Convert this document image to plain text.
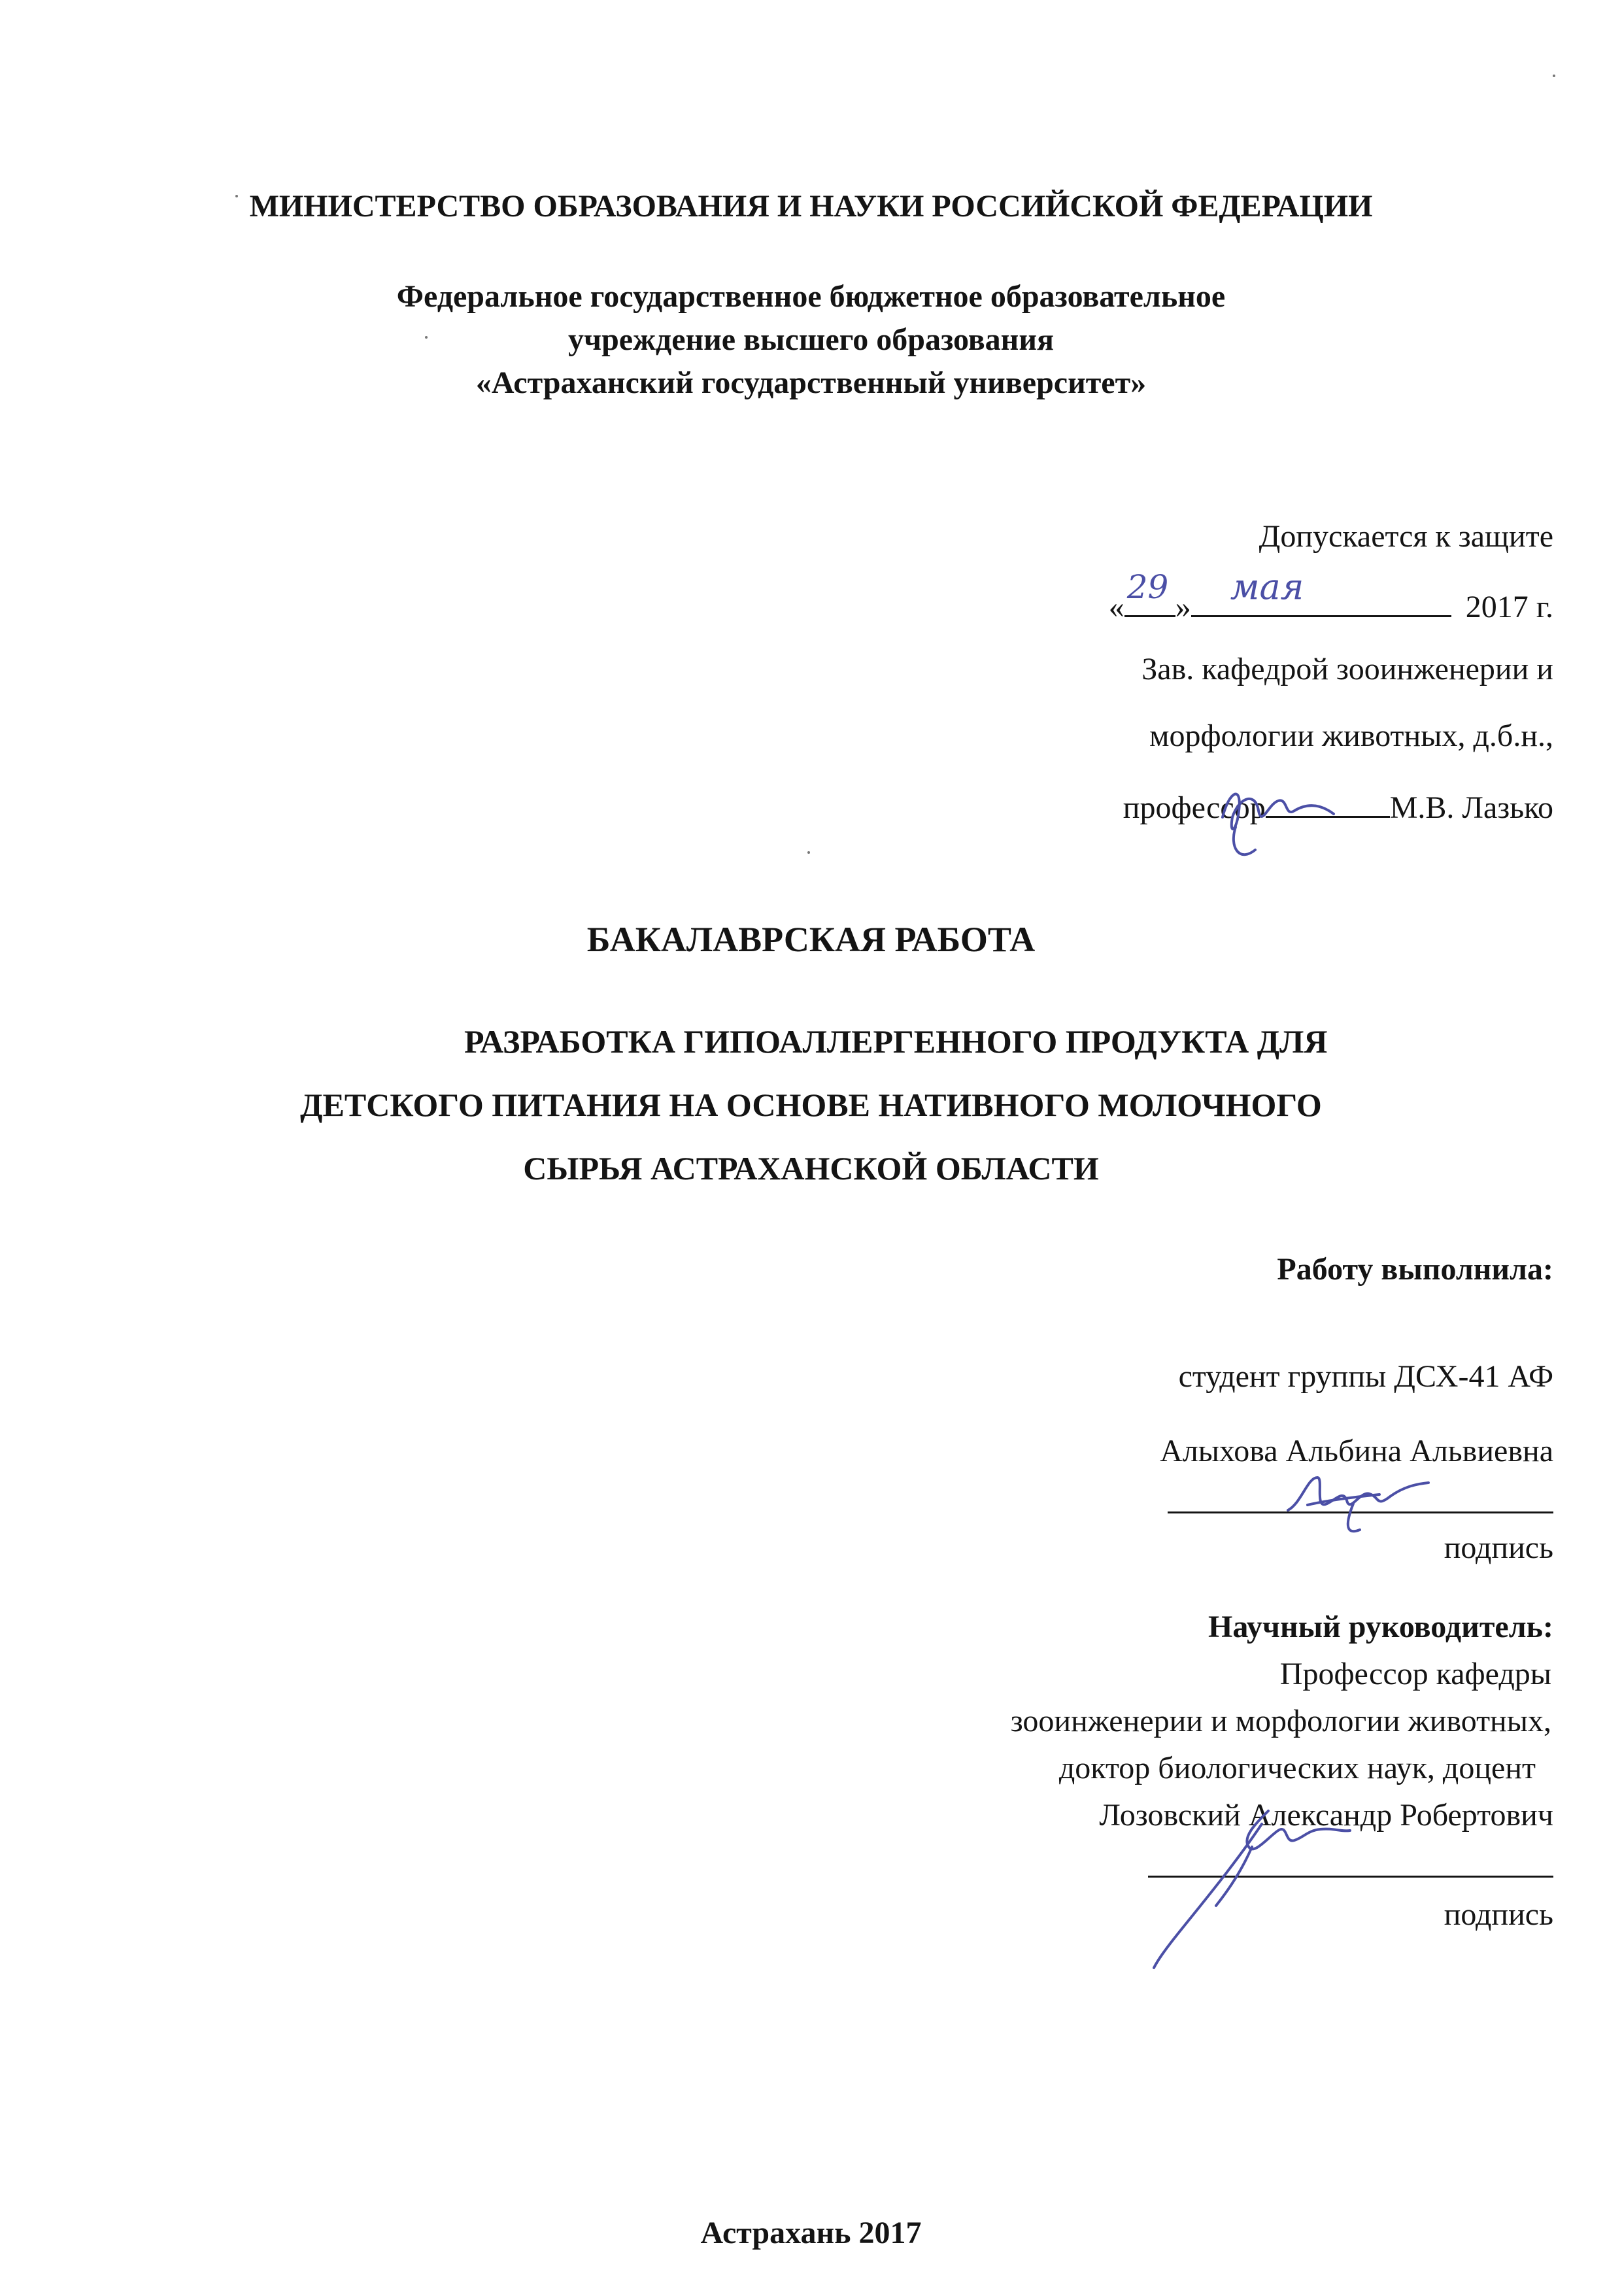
МИНИСТЕРСТВО ОБРАЗОВАНИЯ И НАУКИ РОССИЙСКОЙ ФЕДЕРАЦИИ
Федеральное государственное бюджетное образовательное
учреждение высшего образования
«Астраханский государственный университет»
Допускается к защите
«
29
» мая	2017 г.
Зав. кафедрой зооинженерии и
морфологии животных, д.б.н.,
профессор	М.В. Лазько
БАКАЛАВРСКАЯ РАБОТА
РАЗРАБОТКА ГИПОАЛЛЕРГЕННОГО ПРОДУКТА ДЛЯ
ДЕТСКОГО ПИТАНИЯ НА ОСНОВЕ НАТИВНОГО МОЛОЧНОГО
СЫРЬЯ АСТРАХАНСКОЙ ОБЛАСТИ
Работу выполнила:
студент группы ДСХ-41 АФ
Алыхова Альбина Альвиевна
подпись
Научный руководитель:
Профессор кафедры
зооинженерии и морфологии животных,
доктор биологических наук, доцент
Лозовский Александр Робертович
подпись
Астрахань 2017
